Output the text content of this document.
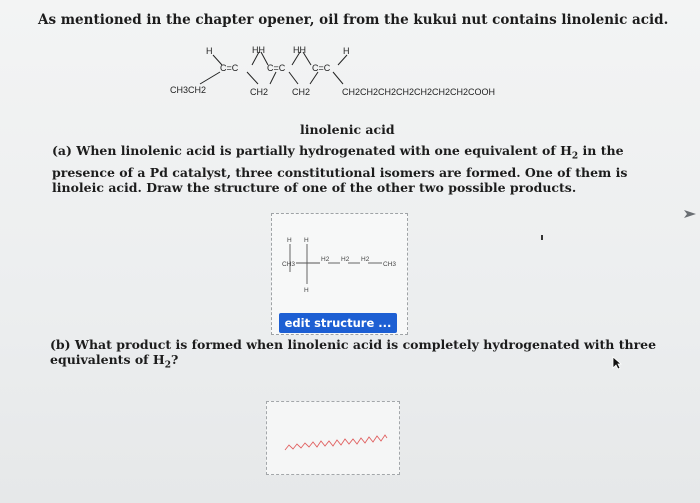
As mentioned in the chapter opener, oil from the kukui nut contains linolenic acid.
H	HH	HH	H
C=C	C=C	C=C
CH3CH2	CH2	CH2	CH2CH2CH2CH2CH2CH2CH2COOH
linolenic acid
(a) When linolenic acid is partially hydrogenated with one equivalent of $H_2$ in the presence of a Pd catalyst, three constitutional isomers are formed. One of them is linoleic acid. Draw the structure of one of the other two possible products.
H H
CH3
H
H2 H2 H2
CH3
edit structure ...
(b) What product is formed when linolenic acid is completely hydrogenated with three equivalents of $H_2$?
